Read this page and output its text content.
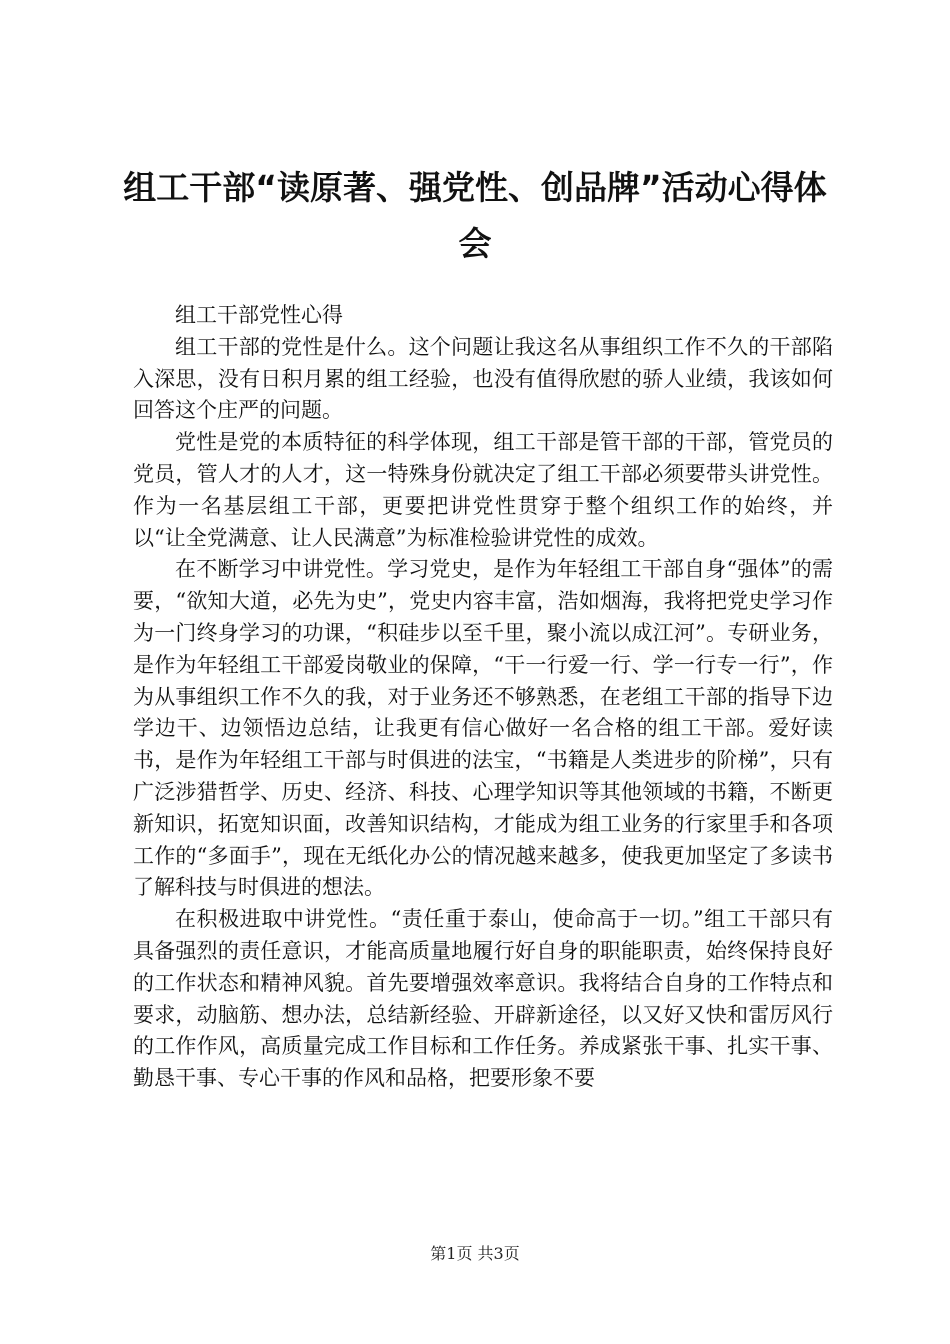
组工干部“读原著、强党性、创品牌”活动心得体会

组工干部党性心得

组工干部的党性是什么。这个问题让我这名从事组织工作不久的干部陷入深思，没有日积月累的组工经验，也没有值得欣慰的骄人业绩，我该如何回答这个庄严的问题。

党性是党的本质特征的科学体现，组工干部是管干部的干部，管党员的党员，管人才的人才，这一特殊身份就决定了组工干部必须要带头讲党性。作为一名基层组工干部，更要把讲党性贯穿于整个组织工作的始终，并以“让全党满意、让人民满意”为标准检验讲党性的成效。

在不断学习中讲党性。学习党史，是作为年轻组工干部自身“强体”的需要，“欲知大道，必先为史”，党史内容丰富，浩如烟海，我将把党史学习作为一门终身学习的功课，“积硅步以至千里，聚小流以成江河”。专研业务，是作为年轻组工干部爱岗敬业的保障，“干一行爱一行、学一行专一行”，作为从事组织工作不久的我，对于业务还不够熟悉，在老组工干部的指导下边学边干、边领悟边总结，让我更有信心做好一名合格的组工干部。爱好读书，是作为年轻组工干部与时俱进的法宝，“书籍是人类进步的阶梯”，只有广泛涉猎哲学、历史、经济、科技、心理学知识等其他领域的书籍，不断更新知识，拓宽知识面，改善知识结构，才能成为组工业务的行家里手和各项工作的“多面手”，现在无纸化办公的情况越来越多，使我更加坚定了多读书了解科技与时俱进的想法。

在积极进取中讲党性。“责任重于泰山，使命高于一切。”组工干部只有具备强烈的责任意识，才能高质量地履行好自身的职能职责，始终保持良好的工作状态和精神风貌。首先要增强效率意识。我将结合自身的工作特点和要求，动脑筋、想办法，总结新经验、开辟新途径，以又好又快和雷厉风行的工作作风，高质量完成工作目标和工作任务。养成紧张干事、扎实干事、勤恳干事、专心干事的作风和品格，把要形象不要

第1页 共3页
